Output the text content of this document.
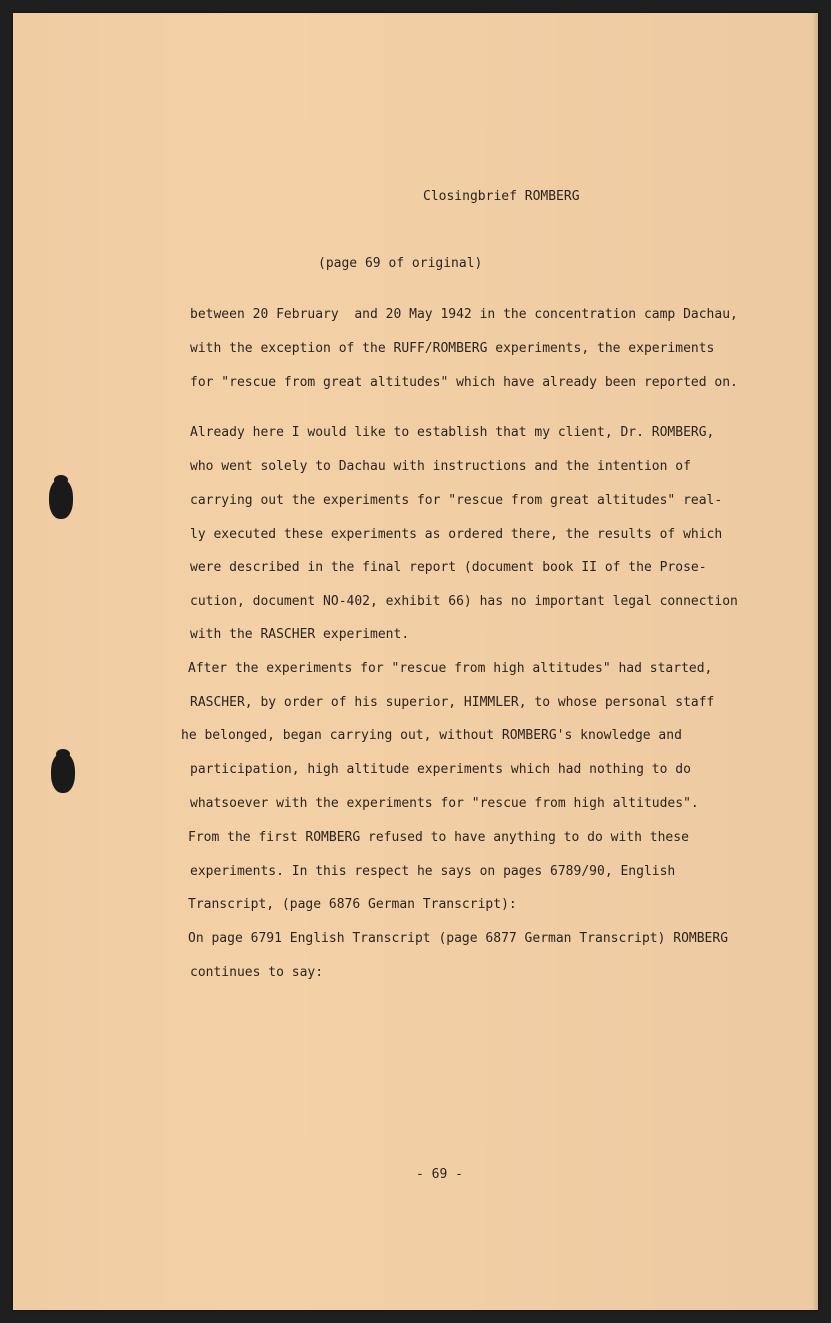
Closingbrief ROMBERG
(page 69 of original)
between 20 February  and 20 May 1942 in the concentration camp Dachau,
with the exception of the RUFF/ROMBERG experiments, the experiments
for "rescue from great altitudes" which have already been reported on.
Already here I would like to establish that my client, Dr. ROMBERG,
who went solely to Dachau with instructions and the intention of
carrying out the experiments for "rescue from great altitudes" real-
ly executed these experiments as ordered there, the results of which
were described in the final report (document book II of the Prose-
cution, document NO-402, exhibit 66) has no important legal connection
with the RASCHER experiment.
After the experiments for "rescue from high altitudes" had started,
RASCHER, by order of his superior, HIMMLER, to whose personal staff
he belonged, began carrying out, without ROMBERG's knowledge and
participation, high altitude experiments which had nothing to do
whatsoever with the experiments for "rescue from high altitudes".
From the first ROMBERG refused to have anything to do with these
experiments. In this respect he says on pages 6789/90, English
Transcript, (page 6876 German Transcript):
On page 6791 English Transcript (page 6877 German Transcript) ROMBERG
continues to say:
- 69 -
